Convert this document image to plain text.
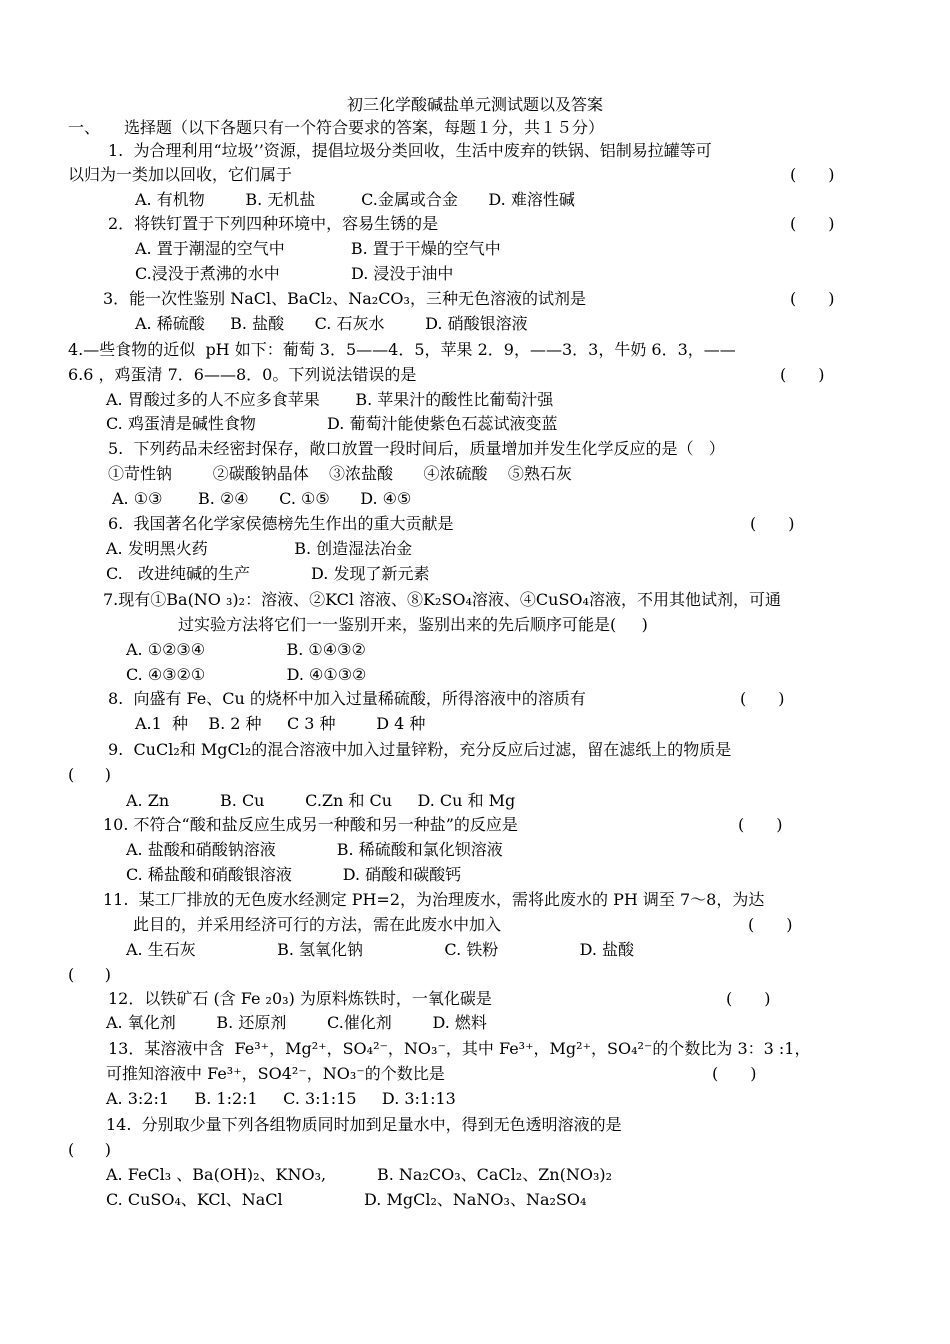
初三化学酸碱盐单元测试题以及答案
一、　　选择题（以下各题只有一个符合要求的答案，每题１分，共１５分）
1.  为合理利用“垃圾’’资源，提倡垃圾分类回收，生活中废弃的铁锅、铝制易拉罐等可
以归为一类加以回收，它们属于
A. 有机物        B. 无机盐         C.金属或合金      D. 难溶性碱
2．将铁钉置于下列四种环境中，容易生锈的是
A. 置于潮湿的空气中             B. 置于干燥的空气中
C.浸没于煮沸的水中              D. 浸没于油中
3．能一次性鉴别 NaCl、BaCl₂、Na₂CO₃，三种无色溶液的试剂是
A. 稀硫酸     B. 盐酸      C. 石灰水        D. 硝酸银溶液
4.—些食物的近似  pH 如下：葡萄 3．5——4．5，苹果 2．9，——3．3，牛奶 6．3，——
6.6 ，鸡蛋清 7．6——8．0。下列说法错误的是
A. 胃酸过多的人不应多食苹果       B. 苹果汁的酸性比葡萄汁强
C. 鸡蛋清是碱性食物              D. 葡萄汁能使紫色石蕊试液变蓝
5.  下列药品未经密封保存，敞口放置一段时间后，质量增加并发生化学反应的是（   ）
①苛性钠        ②碳酸钠晶体    ③浓盐酸      ④浓硫酸    ⑤熟石灰
A. ①③       B. ②④      C. ①⑤      D. ④⑤
6.  我国著名化学家侯德榜先生作出的重大贡献是
A. 发明黑火药                 B. 创造湿法冶金
C.   改进纯碱的生产            D. 发现了新元素
7.现有①Ba(NO ₃)₂：溶液、②KCl 溶液、⑧K₂SO₄溶液、④CuSO₄溶液，不用其他试剂，可通
过实验方法将它们一一鉴别开来，鉴别出来的先后顺序可能是(     )
A. ①②③④                B. ①④③②
C. ④③②①                D. ④①③②
8.  向盛有 Fe、Cu 的烧杯中加入过量稀硫酸，所得溶液中的溶质有
A.1  种    B. 2 种     C 3 种        D 4 种
9.  CuCl₂和 MgCl₂的混合溶液中加入过量锌粉，充分反应后过滤，留在滤纸上的物质是
(      )
A. Zn          B. Cu        C.Zn 和 Cu     D. Cu 和 Mg
10. 不符合“酸和盐反应生成另一种酸和另一种盐”的反应是
A. 盐酸和硝酸钠溶液            B. 稀硫酸和氯化钡溶液
C. 稀盐酸和硝酸银溶液          D. 硝酸和碳酸钙
11.  某工厂排放的无色废水经测定 PH=2，为治理废水，需将此废水的 PH 调至 7～8，为达
此目的，并采用经济可行的方法，需在此废水中加入
A. 生石灰                B. 氢氧化钠                C. 铁粉                D. 盐酸
(      )
12．以铁矿石 (含 Fe ₂0₃) 为原料炼铁时，一氧化碳是
A. 氧化剂        B. 还原剂        C.催化剂        D. 燃料
13．某溶液中含  Fe³⁺，Mg²⁺，SO₄²⁻，NO₃⁻，其中 Fe³⁺，Mg²⁺，SO₄²⁻的个数比为 3：3 :1，
可推知溶液中 Fe³⁺，SO4²⁻，NO₃⁻的个数比是
A. 3:2:1     B. 1:2:1     C. 3:1:15     D. 3:1:13
14.  分别取少量下列各组物质同时加到足量水中，得到无色透明溶液的是
(      )
A. FeCl₃ 、Ba(OH)₂、KNO₃,          B. Na₂CO₃、CaCl₂、Zn(NO₃)₂
C. CuSO₄、KCl、NaCl                D. MgCl₂、NaNO₃、Na₂SO₄
(　　)
(　　)
(　　)
(　　)
(　　)
(　　)
(　　)
(　　)
(　　)
(　　)
